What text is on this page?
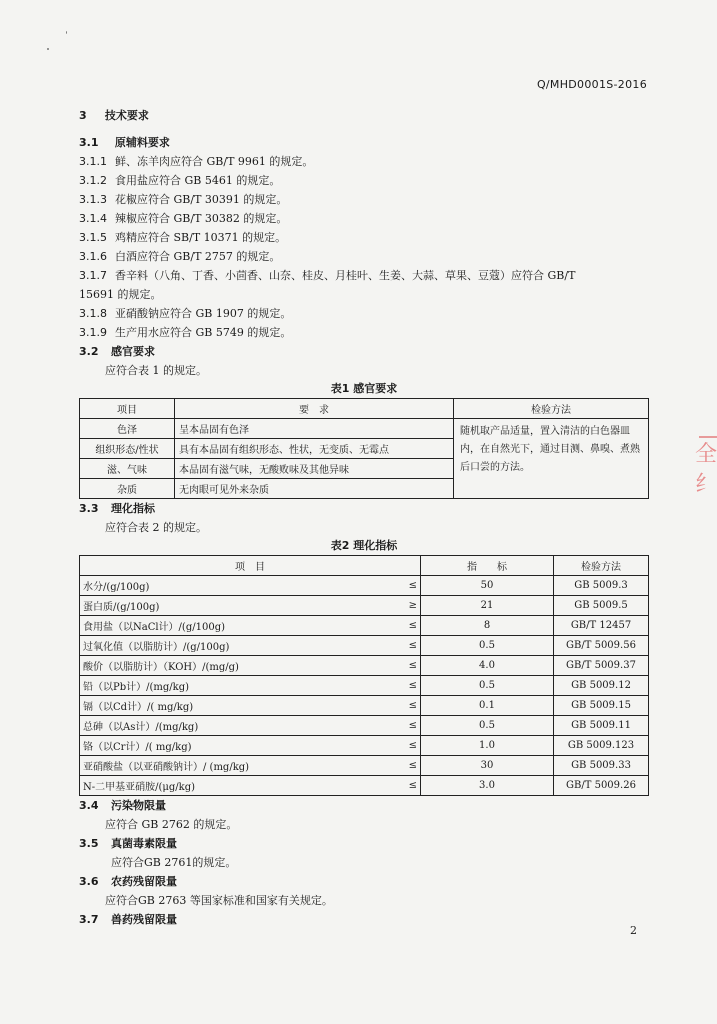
Q/MHD0001S-2016
3 技术要求
3.1 原辅料要求
3.1.1 鲜、冻羊肉应符合 GB/T 9961 的规定。
3.1.2 食用盐应符合 GB 5461 的规定。
3.1.3 花椒应符合 GB/T 30391 的规定。
3.1.4 辣椒应符合 GB/T 30382 的规定。
3.1.5 鸡精应符合 SB/T 10371 的规定。
3.1.6 白酒应符合 GB/T 2757 的规定。
3.1.7 香辛料（八角、丁香、小茴香、山奈、桂皮、月桂叶、生姜、大蒜、草果、豆蔻）应符合 GB/T
15691 的规定。
3.1.8 亚硝酸钠应符合 GB 1907 的规定。
3.1.9 生产用水应符合 GB 5749 的规定。
3.2 感官要求
应符合表 1 的规定。
表1 感官要求
项目	要　求	检验方法
色泽	呈本品固有色泽	随机取产品适量，置入清洁的白色器皿内，在自然光下，通过目测、鼻嗅、煮熟后口尝的方法。
组织形态/性状	具有本品固有组织形态、性状，无变质、无霉点	
滋、气味	本品固有滋气味，无酸败味及其他异味	
杂质	无肉眼可见外来杂质	
3.3 理化指标
应符合表 2 的规定。
表2 理化指标
项　目		指　　标	检验方法
水分/(g/100g)	≤	50	GB 5009.3
蛋白质/(g/100g)	≥	21	GB 5009.5
食用盐（以NaCl计）/(g/100g)	≤	8	GB/T 12457
过氧化值（以脂肪计）/(g/100g)	≤	0.5	GB/T 5009.56
酸价（以脂肪计）（KOH）/(mg/g)	≤	4.0	GB/T 5009.37
铅（以Pb计）/(mg/kg)	≤	0.5	GB 5009.12
镉（以Cd计）/( mg/kg)	≤	0.1	GB 5009.15
总砷（以As计）/(mg/kg)	≤	0.5	GB 5009.11
铬（以Cr计）/( mg/kg)	≤	1.0	GB 5009.123
亚硝酸盐（以亚硝酸钠计）/ (mg/kg)	≤	30	GB 5009.33
N-二甲基亚硝胺/(μg/kg)	≤	3.0	GB/T 5009.26
3.4 污染物限量
应符合 GB 2762 的规定。
3.5 真菌毒素限量
应符合GB 2761的规定。
3.6 农药残留限量
应符合GB 2763 等国家标准和国家有关规定。
3.7 兽药残留限量
2
全纟
